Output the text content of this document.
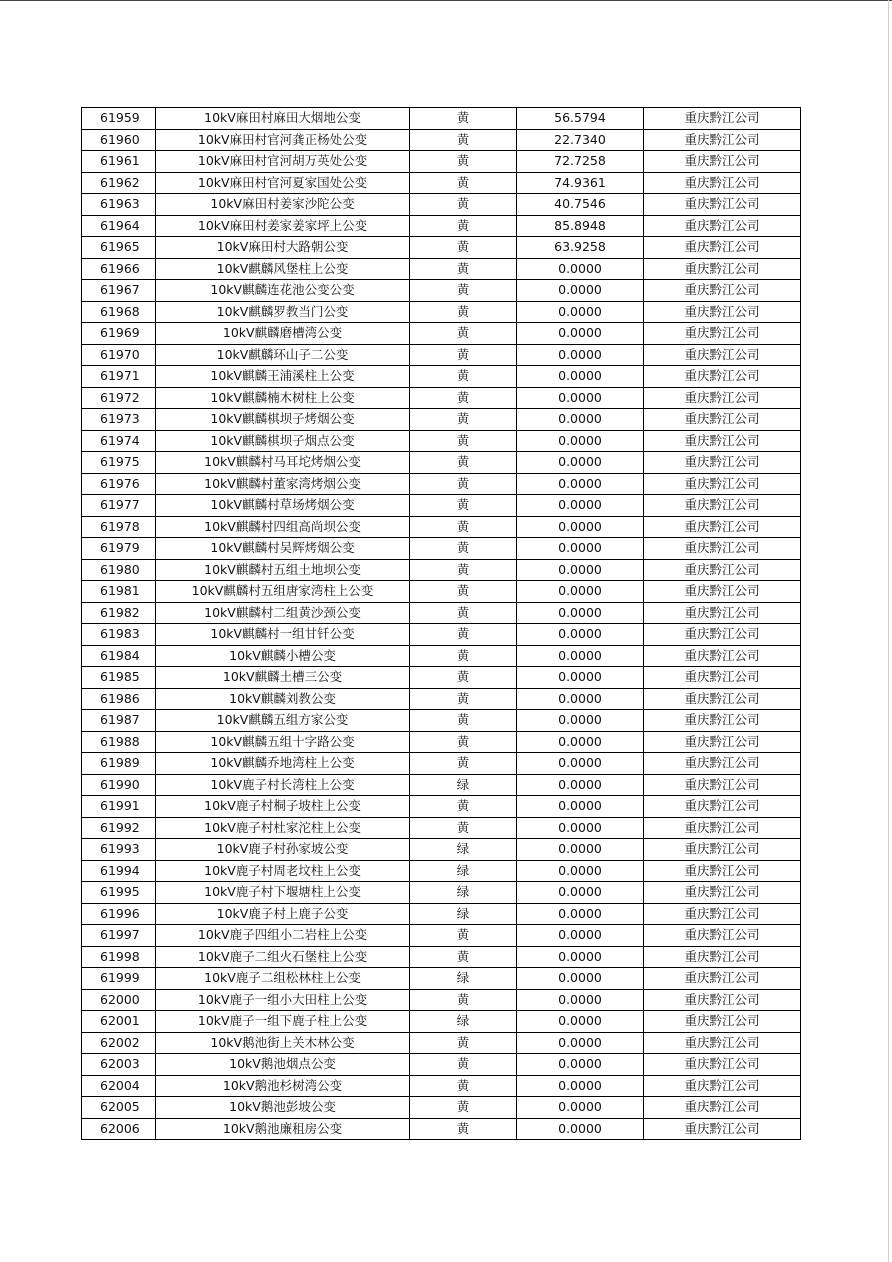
61959	10kV麻田村麻田大烟地公变	黄	56.5794	重庆黔江公司
61960	10kV麻田村官河龚正杨处公变	黄	22.7340	重庆黔江公司
61961	10kV麻田村官河胡万英处公变	黄	72.7258	重庆黔江公司
61962	10kV麻田村官河夏家国处公变	黄	74.9361	重庆黔江公司
61963	10kV麻田村姜家沙陀公变	黄	40.7546	重庆黔江公司
61964	10kV麻田村姜家姜家坪上公变	黄	85.8948	重庆黔江公司
61965	10kV麻田村大路朝公变	黄	63.9258	重庆黔江公司
61966	10kV麒麟风堡柱上公变	黄	0.0000	重庆黔江公司
61967	10kV麒麟连花池公变公变	黄	0.0000	重庆黔江公司
61968	10kV麒麟罗教当门公变	黄	0.0000	重庆黔江公司
61969	10kV麒麟磨槽湾公变	黄	0.0000	重庆黔江公司
61970	10kV麒麟环山子二公变	黄	0.0000	重庆黔江公司
61971	10kV麒麟王浦溪柱上公变	黄	0.0000	重庆黔江公司
61972	10kV麒麟楠木树柱上公变	黄	0.0000	重庆黔江公司
61973	10kV麒麟棋坝子烤烟公变	黄	0.0000	重庆黔江公司
61974	10kV麒麟棋坝子烟点公变	黄	0.0000	重庆黔江公司
61975	10kV麒麟村马耳坨烤烟公变	黄	0.0000	重庆黔江公司
61976	10kV麒麟村董家湾烤烟公变	黄	0.0000	重庆黔江公司
61977	10kV麒麟村草场烤烟公变	黄	0.0000	重庆黔江公司
61978	10kV麒麟村四组高尚坝公变	黄	0.0000	重庆黔江公司
61979	10kV麒麟村吴辉烤烟公变	黄	0.0000	重庆黔江公司
61980	10kV麒麟村五组土地坝公变	黄	0.0000	重庆黔江公司
61981	10kV麒麟村五组唐家湾柱上公变	黄	0.0000	重庆黔江公司
61982	10kV麒麟村二组黄沙颈公变	黄	0.0000	重庆黔江公司
61983	10kV麒麟村一组甘钎公变	黄	0.0000	重庆黔江公司
61984	10kV麒麟小槽公变	黄	0.0000	重庆黔江公司
61985	10kV麒麟土槽三公变	黄	0.0000	重庆黔江公司
61986	10kV麒麟刘教公变	黄	0.0000	重庆黔江公司
61987	10kV麒麟五组方家公变	黄	0.0000	重庆黔江公司
61988	10kV麒麟五组十字路公变	黄	0.0000	重庆黔江公司
61989	10kV麒麟乔地湾柱上公变	黄	0.0000	重庆黔江公司
61990	10kV鹿子村长湾柱上公变	绿	0.0000	重庆黔江公司
61991	10kV鹿子村桐子坡柱上公变	黄	0.0000	重庆黔江公司
61992	10kV鹿子村杜家沱柱上公变	黄	0.0000	重庆黔江公司
61993	10kV鹿子村孙家坡公变	绿	0.0000	重庆黔江公司
61994	10kV鹿子村周老坟柱上公变	绿	0.0000	重庆黔江公司
61995	10kV鹿子村下堰塘柱上公变	绿	0.0000	重庆黔江公司
61996	10kV鹿子村上鹿子公变	绿	0.0000	重庆黔江公司
61997	10kV鹿子四组小二岩柱上公变	黄	0.0000	重庆黔江公司
61998	10kV鹿子二组火石堡柱上公变	黄	0.0000	重庆黔江公司
61999	10kV鹿子二组松林柱上公变	绿	0.0000	重庆黔江公司
62000	10kV鹿子一组小大田柱上公变	黄	0.0000	重庆黔江公司
62001	10kV鹿子一组下鹿子柱上公变	绿	0.0000	重庆黔江公司
62002	10kV鹅池街上关木林公变	黄	0.0000	重庆黔江公司
62003	10kV鹅池烟点公变	黄	0.0000	重庆黔江公司
62004	10kV鹅池杉树湾公变	黄	0.0000	重庆黔江公司
62005	10kV鹅池彭坡公变	黄	0.0000	重庆黔江公司
62006	10kV鹅池廉租房公变	黄	0.0000	重庆黔江公司
